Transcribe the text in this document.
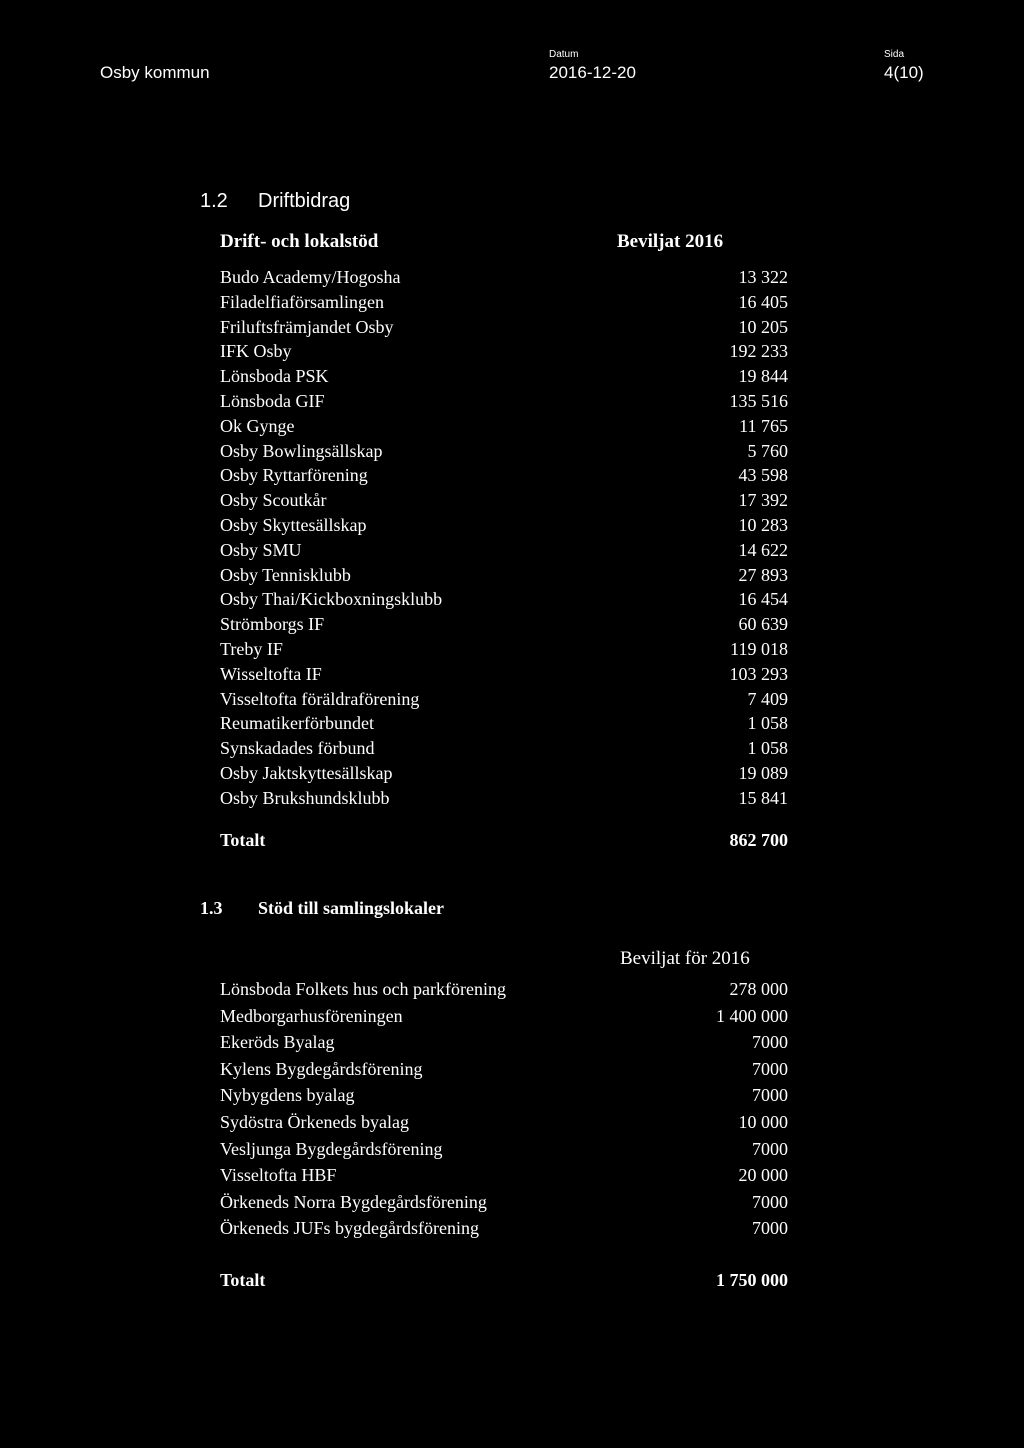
Osby kommun
Datum
2016-12-20
Sida
4(10)
1.2 Driftbidrag
Drift- och lokalstöd	Beviljat 2016
Budo Academy/Hogosha	13 322
Filadelfiaförsamlingen	16 405
Friluftsfrämjandet Osby	10 205
IFK Osby	192 233
Lönsboda PSK	19 844
Lönsboda GIF	135 516
Ok Gynge	11 765
Osby Bowlingsällskap	5 760
Osby Ryttarförening	43 598
Osby Scoutkår	17 392
Osby Skyttesällskap	10 283
Osby SMU	14 622
Osby Tennisklubb	27 893
Osby Thai/Kickboxningsklubb	16 454
Strömborgs IF	60 639
Treby IF	119 018
Wisseltofta IF	103 293
Visseltofta föräldraförening	7 409
Reumatikerförbundet	1 058
Synskadades förbund	1 058
Osby Jaktskyttesällskap	19 089
Osby Brukshundsklubb	15 841
Totalt	862 700
1.3 Stöd till samlingslokaler
Beviljat för 2016
Lönsboda Folkets hus och parkförening	278 000
Medborgarhusföreningen	1 400 000
Ekeröds Byalag	7000
Kylens Bygdegårdsförening	7000
Nybygdens byalag	7000
Sydöstra Örkeneds byalag	10 000
Vesljunga Bygdegårdsförening	7000
Visseltofta HBF	20 000
Örkeneds Norra Bygdegårdsförening	7000
Örkeneds JUFs bygdegårdsförening	7000
Totalt	1 750 000
